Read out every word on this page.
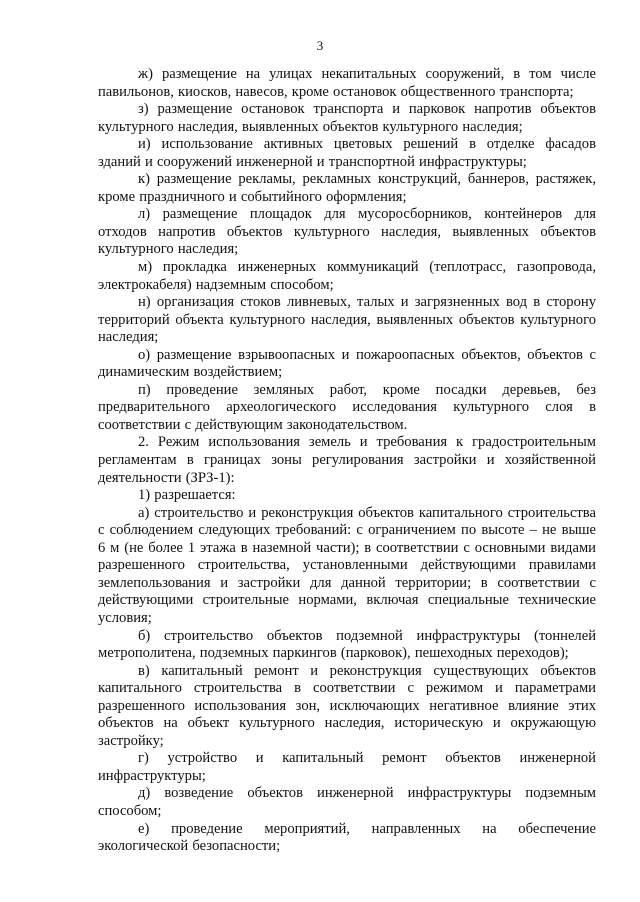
3

ж) размещение на улицах некапитальных сооружений, в том числе павильонов, киосков, навесов, кроме остановок общественного транспорта;

з) размещение остановок транспорта и парковок напротив объектов культурного наследия, выявленных объектов культурного наследия;

и) использование активных цветовых решений в отделке фасадов зданий и сооружений инженерной и транспортной инфраструктуры;

к) размещение рекламы, рекламных конструкций, баннеров, растяжек, кроме праздничного и событийного оформления;

л) размещение площадок для мусоросборников, контейнеров для отходов напротив объектов культурного наследия, выявленных объектов культурного наследия;

м) прокладка инженерных коммуникаций (теплотрасс, газопровода, электрокабеля) надземным способом;

н) организация стоков ливневых, талых и загрязненных вод в сторону территорий объекта культурного наследия, выявленных объектов культурного наследия;

о) размещение взрывоопасных и пожароопасных объектов, объектов с динамическим воздействием;

п) проведение земляных работ, кроме посадки деревьев, без предварительного археологического исследования культурного слоя в соответствии с действующим законодательством.

2. Режим использования земель и требования к градостроительным регламентам в границах зоны регулирования застройки и хозяйственной деятельности (ЗРЗ-1):

1) разрешается:

а) строительство и реконструкция объектов капитального строительства с соблюдением следующих требований: с ограничением по высоте – не выше 6 м (не более 1 этажа в наземной части); в соответствии с основными видами разрешенного строительства, установленными действующими правилами землепользования и застройки для данной территории; в соответствии с действующими строительные нормами, включая специальные технические условия;

б) строительство объектов подземной инфраструктуры (тоннелей метрополитена, подземных паркингов (парковок), пешеходных переходов);

в) капитальный ремонт и реконструкция существующих объектов капитального строительства в соответствии с режимом и параметрами разрешенного использования зон, исключающих негативное влияние этих объектов на объект культурного наследия, историческую и окружающую застройку;

г) устройство и капитальный ремонт объектов инженерной инфраструктуры;

д) возведение объектов инженерной инфраструктуры подземным способом;

е) проведение мероприятий, направленных на обеспечение экологической безопасности;
